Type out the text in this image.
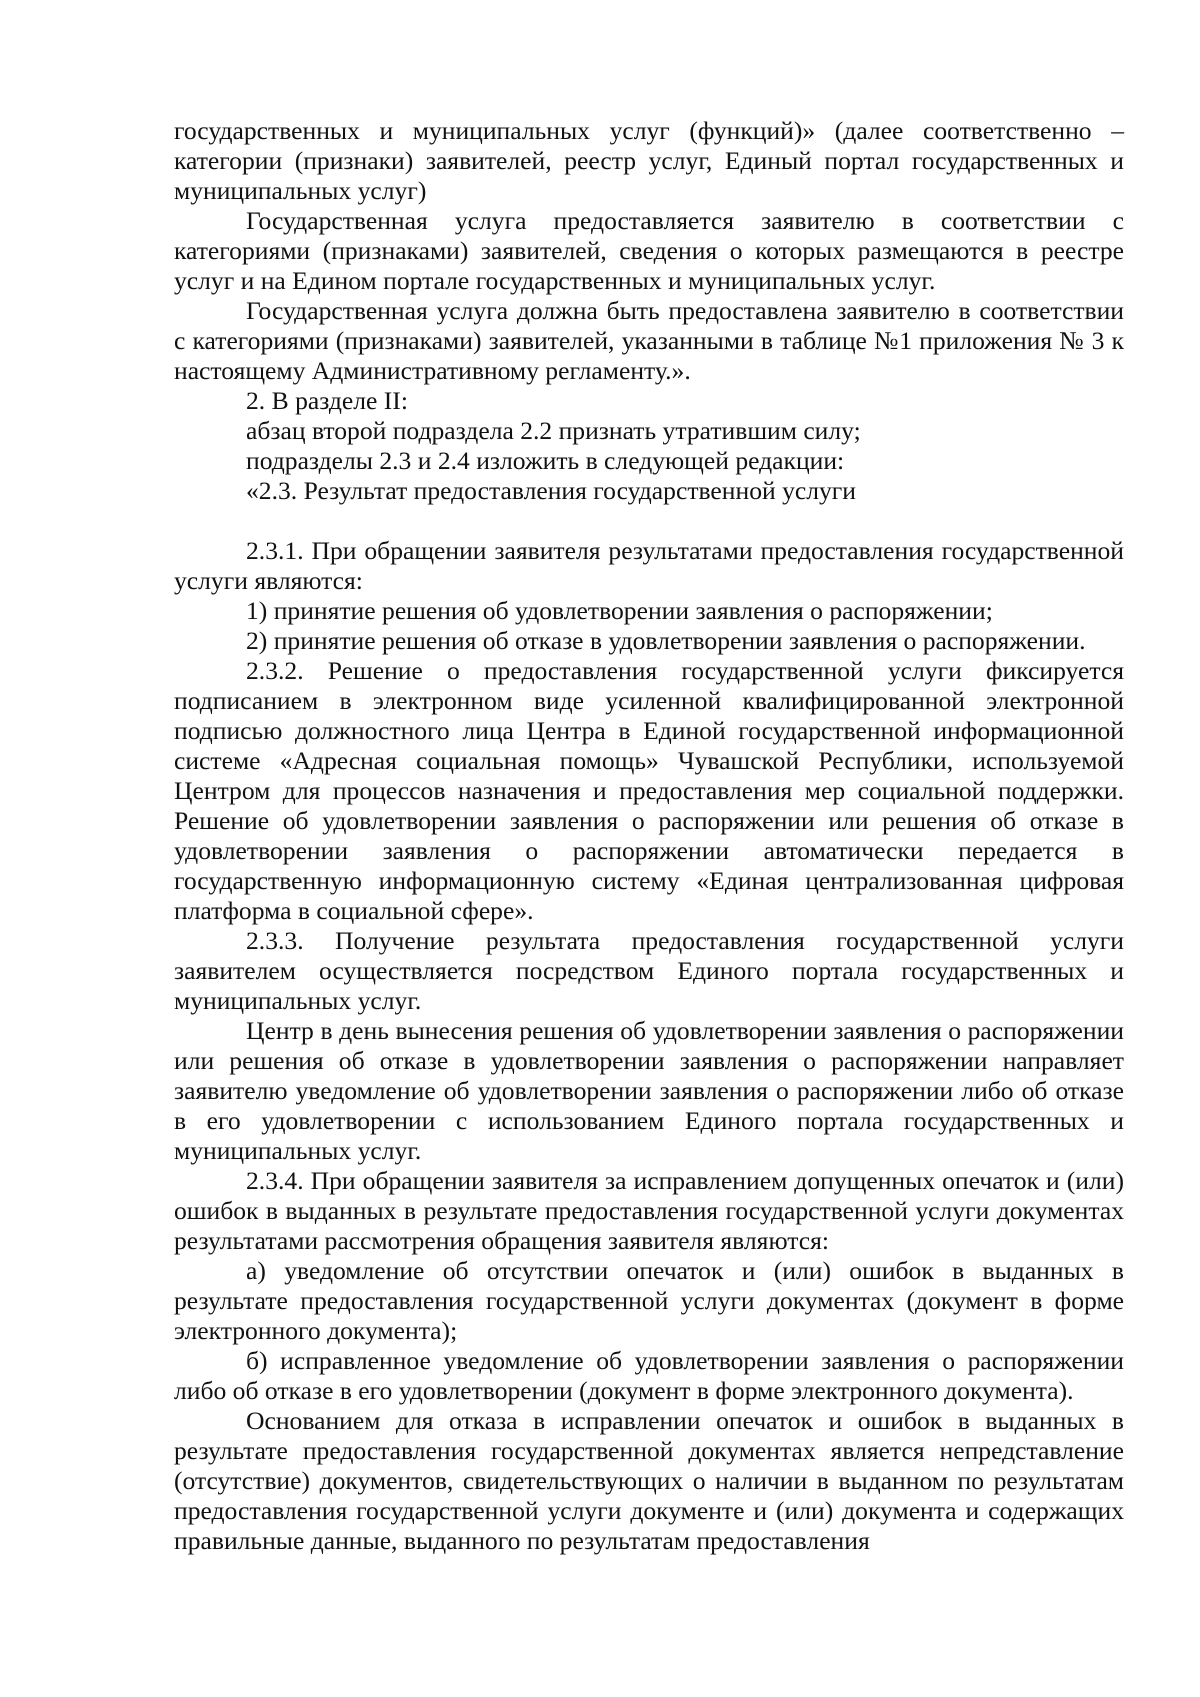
государственных и муниципальных услуг (функций)» (далее соответственно – категории (признаки) заявителей, реестр услуг, Единый портал государственных и муниципальных услуг)

Государственная услуга предоставляется заявителю в соответствии с категориями (признаками) заявителей, сведения о которых размещаются в реестре услуг и на Едином портале государственных и муниципальных услуг.

Государственная услуга должна быть предоставлена заявителю в соответствии с категориями (признаками) заявителей, указанными в таблице №1 приложения № 3 к настоящему Административному регламенту.».

2. В разделе II:

абзац второй подраздела 2.2 признать утратившим силу;

подразделы 2.3 и 2.4 изложить в следующей редакции:

«2.3. Результат предоставления государственной услуги

2.3.1. При обращении заявителя результатами предоставления государственной услуги являются:

1) принятие решения об удовлетворении заявления о распоряжении;

2) принятие решения об отказе в удовлетворении заявления о распоряжении.

2.3.2. Решение о предоставления государственной услуги фиксируется подписанием в электронном виде усиленной квалифицированной электронной подписью должностного лица Центра в Единой государственной информационной системе «Адресная социальная помощь» Чувашской Республики, используемой Центром для процессов назначения и предоставления мер социальной поддержки. Решение об удовлетворении заявления о распоряжении или решения об отказе в удовлетворении заявления о распоряжении автоматически передается в государственную информационную систему «Единая централизованная цифровая платформа в социальной сфере».

2.3.3. Получение результата предоставления государственной услуги заявителем осуществляется посредством Единого портала государственных и муниципальных услуг.

Центр в день вынесения решения об удовлетворении заявления о распоряжении или решения об отказе в удовлетворении заявления о распоряжении направляет заявителю уведомление об удовлетворении заявления о распоряжении либо об отказе в его удовлетворении с использованием Единого портала государственных и муниципальных услуг.

2.3.4. При обращении заявителя за исправлением допущенных опечаток и (или) ошибок в выданных в результате предоставления государственной услуги документах результатами рассмотрения обращения заявителя являются:

а) уведомление об отсутствии опечаток и (или) ошибок в выданных в результате предоставления государственной услуги документах (документ в форме электронного документа);

б) исправленное уведомление об удовлетворении заявления о распоряжении либо об отказе в его удовлетворении (документ в форме электронного документа).

Основанием для отказа в исправлении опечаток и ошибок в выданных в результате предоставления государственной документах является непредставление (отсутствие) документов, свидетельствующих о наличии в выданном по результатам предоставления государственной услуги документе и (или) документа и содержащих правильные данные, выданного по результатам предоставления
